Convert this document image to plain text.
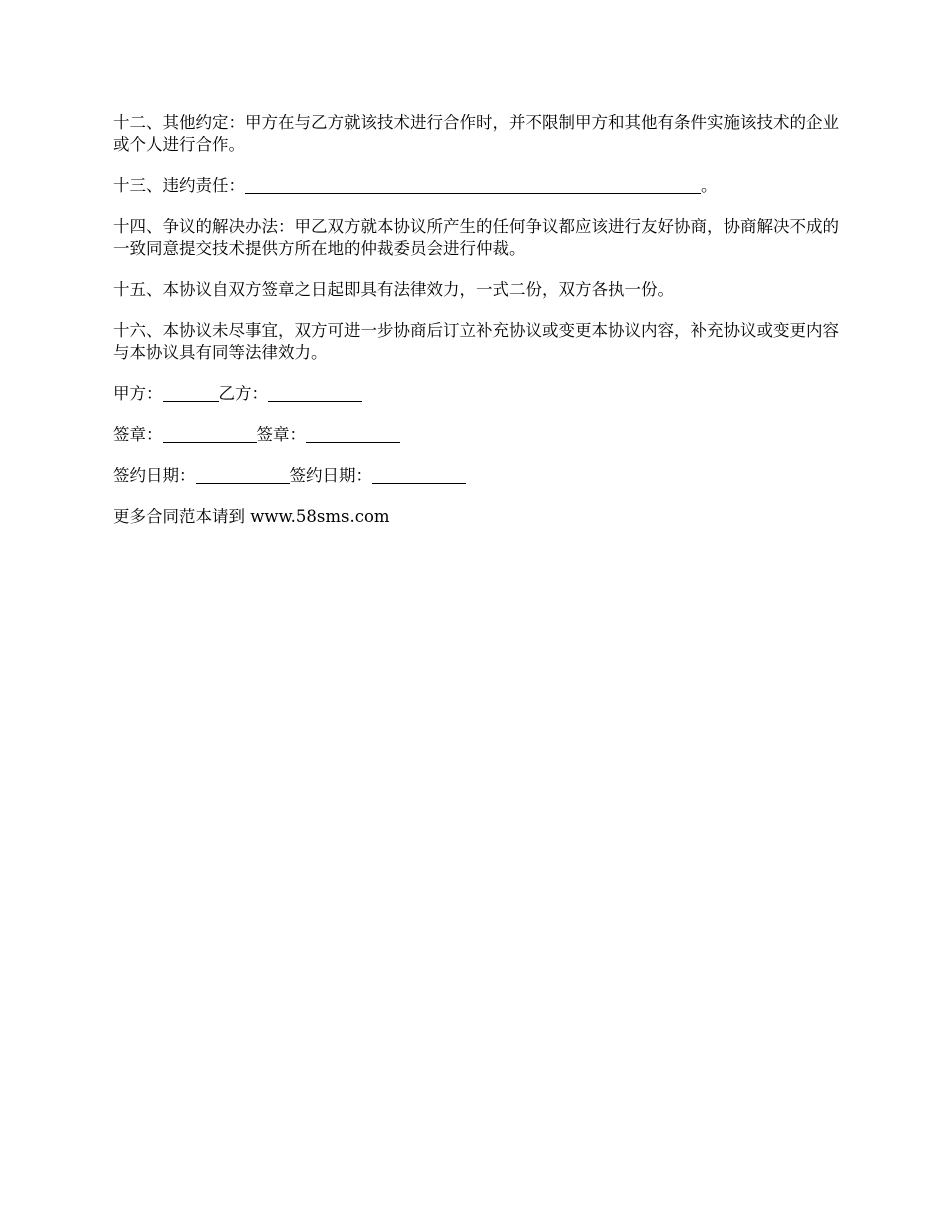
十二、其他约定：甲方在与乙方就该技术进行合作时，并不限制甲方和其他有条件实施该技术的企业或个人进行合作。

十三、违约责任：	。

十四、争议的解决办法：甲乙双方就本协议所产生的任何争议都应该进行友好协商，协商解决不成的一致同意提交技术提供方所在地的仲裁委员会进行仲裁。

十五、本协议自双方签章之日起即具有法律效力，一式二份，双方各执一份。

十六、本协议未尽事宜，双方可进一步协商后订立补充协议或变更本协议内容，补充协议或变更内容与本协议具有同等法律效力。

甲方：	乙方：

签章：	签章：

签约日期：	签约日期：

更多合同范本请到 www.58sms.com
